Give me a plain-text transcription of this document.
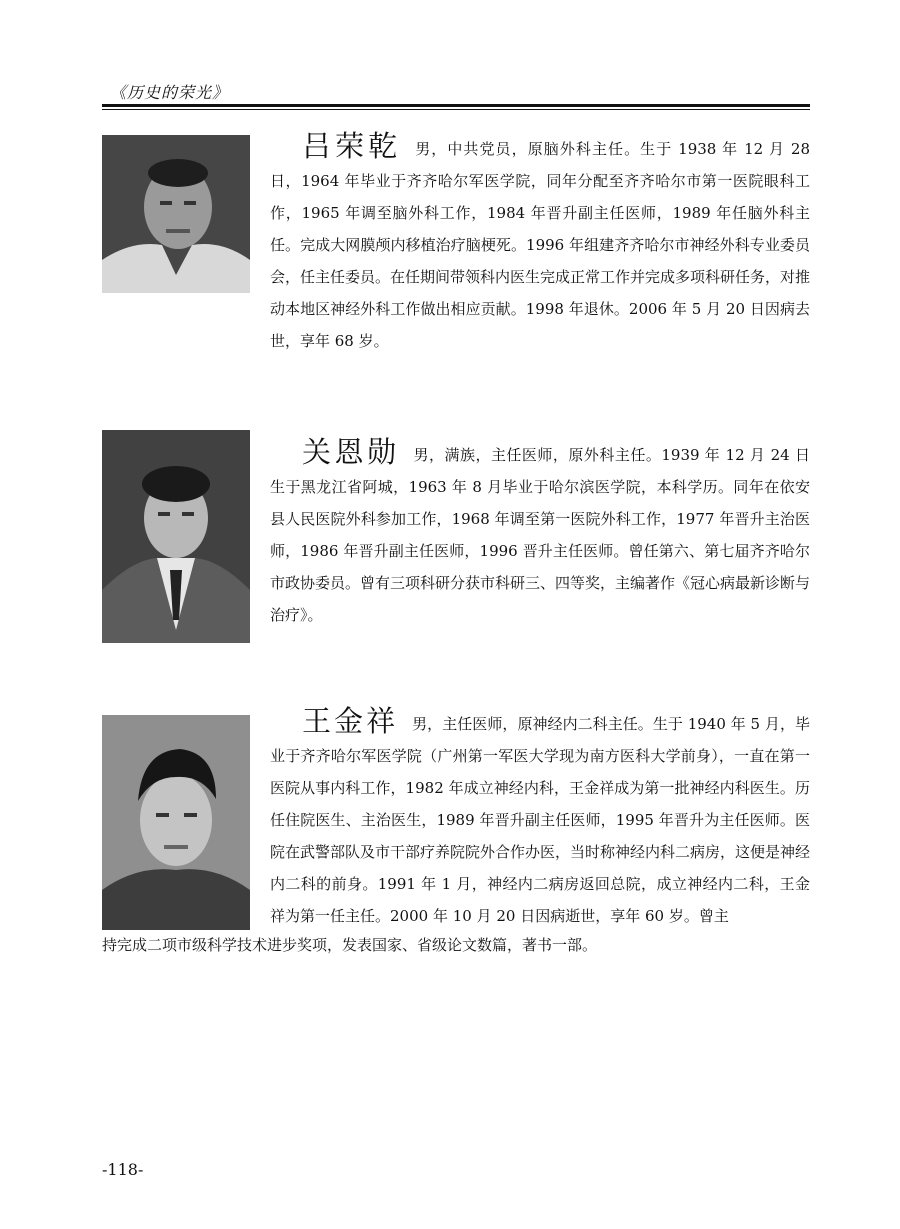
《历史的荣光》

吕荣乾 男，中共党员，原脑外科主任。生于 1938 年 12 月 28 日，1964 年毕业于齐齐哈尔军医学院，同年分配至齐齐哈尔市第一医院眼科工作，1965 年调至脑外科工作，1984 年晋升副主任医师，1989 年任脑外科主任。完成大网膜颅内移植治疗脑梗死。1996 年组建齐齐哈尔市神经外科专业委员会，任主任委员。在任期间带领科内医生完成正常工作并完成多项科研任务，对推动本地区神经外科工作做出相应贡献。1998 年退休。2006 年 5 月 20 日因病去世，享年 68 岁。

关恩勋 男，满族，主任医师，原外科主任。1939 年 12 月 24 日生于黑龙江省阿城，1963 年 8 月毕业于哈尔滨医学院，本科学历。同年在依安县人民医院外科参加工作，1968 年调至第一医院外科工作，1977 年晋升主治医师，1986 年晋升副主任医师，1996 晋升主任医师。曾任第六、第七届齐齐哈尔市政协委员。曾有三项科研分获市科研三、四等奖，主编著作《冠心病最新诊断与治疗》。

王金祥 男，主任医师，原神经内二科主任。生于 1940 年 5 月，毕业于齐齐哈尔军医学院（广州第一军医大学现为南方医科大学前身），一直在第一医院从事内科工作，1982 年成立神经内科，王金祥成为第一批神经内科医生。历任住院医生、主治医生，1989 年晋升副主任医师，1995 年晋升为主任医师。医院在武警部队及市干部疗养院院外合作办医，当时称神经内科二病房，这便是神经内二科的前身。1991 年 1 月，神经内二病房返回总院，成立神经内二科，王金祥为第一任主任。2000 年 10 月 20 日因病逝世，享年 60 岁。曾主

持完成二项市级科学技术进步奖项，发表国家、省级论文数篇，著书一部。

-118-
